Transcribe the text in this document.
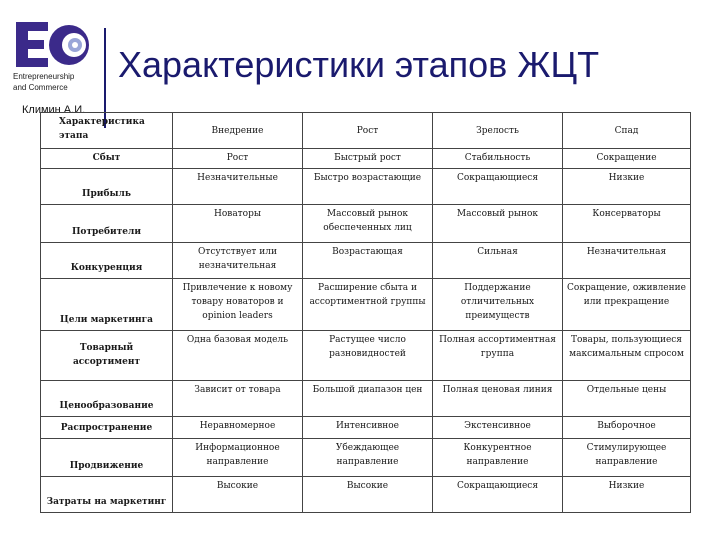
Entrepreneurship
and Commerce
Характеристики этапов ЖЦТ
Климин А.И.
Характеристика этапа	Внедрение	Рост	Зрелость	Спад
Сбыт	Рост	Быстрый рост	Стабильность	Сокращение
Прибыль	Незначительные	Быстро возрастающие	Сокращающиеся	Низкие
Потребители	Новаторы	Массовый рынок обеспеченных лиц	Массовый рынок	Консерваторы
Конкуренция	Отсутствует или незначительная	Возрастающая	Сильная	Незначительная
Цели маркетинга	Привлечение к новому товару новаторов и opinion leaders	Расширение сбыта и ассортиментной группы	Поддержание отличительных преимуществ	Сокращение, оживление или прекращение
Товарный ассортимент	Одна базовая модель	Растущее число разновидностей	Полная ассортиментная группа	Товары, пользующиеся максимальным спросом
Ценообразование	Зависит от товара	Большой диапазон цен	Полная ценовая линия	Отдельные цены
Распространение	Неравномерное	Интенсивное	Экстенсивное	Выборочное
Продвижение	Информационное направление	Убеждающее направление	Конкурентное направление	Стимулирующее направление
Затраты на маркетинг	Высокие	Высокие	Сокращающиеся	Низкие
